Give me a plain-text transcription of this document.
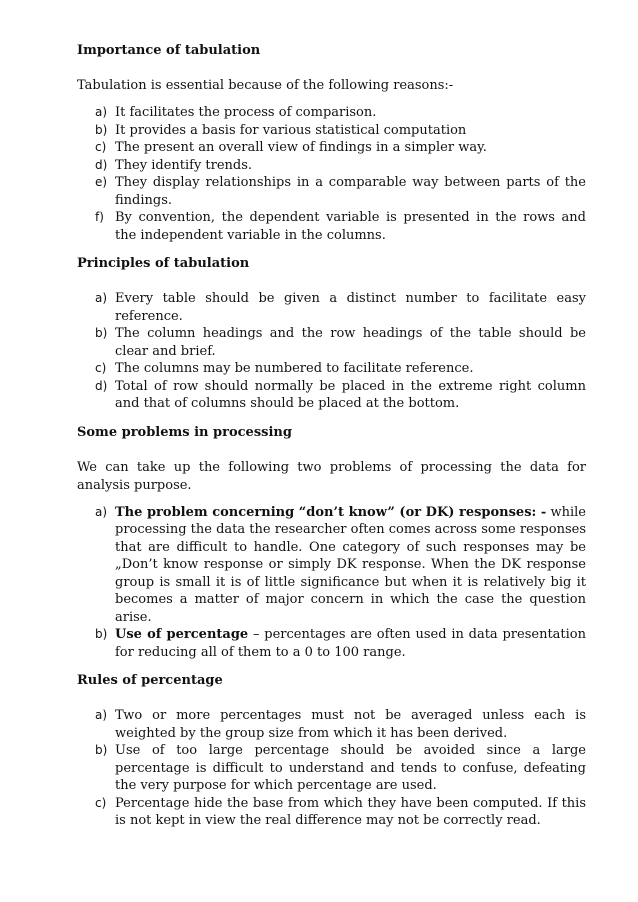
Importance of tabulation
Tabulation is essential because of the following reasons:-
a) It facilitates the process of comparison.
b) It provides a basis for various statistical computation
c) The present an overall view of findings in a simpler way.
d) They identify trends.
e) They display relationships in a comparable way between parts of the findings.
f) By convention, the dependent variable is presented in the rows and the independent variable in the columns.
Principles of tabulation
a) Every table should be given a distinct number to facilitate easy reference.
b) The column headings and the row headings of the table should be clear and brief.
c) The columns may be numbered to facilitate reference.
d) Total of row should normally be placed in the extreme right column and that of columns should be placed at the bottom.
Some problems in processing
We can take up the following two problems of processing the data for analysis purpose.
a) The problem concerning “don’t know” (or DK) responses: - while processing the data the researcher often comes across some responses that are difficult to handle. One category of such responses may be „Don’t know response or simply DK response. When the DK response group is small it is of little significance but when it is relatively big it becomes a matter of major concern in which the case the question arise.
b) Use of percentage – percentages are often used in data presentation for reducing all of them to a 0 to 100 range.
Rules of percentage
a) Two or more percentages must not be averaged unless each is weighted by the group size from which it has been derived.
b) Use of too large percentage should be avoided since a large percentage is difficult to understand and tends to confuse, defeating the very purpose for which percentage are used.
c) Percentage hide the base from which they have been computed. If this is not kept in view the real difference may not be correctly read.
